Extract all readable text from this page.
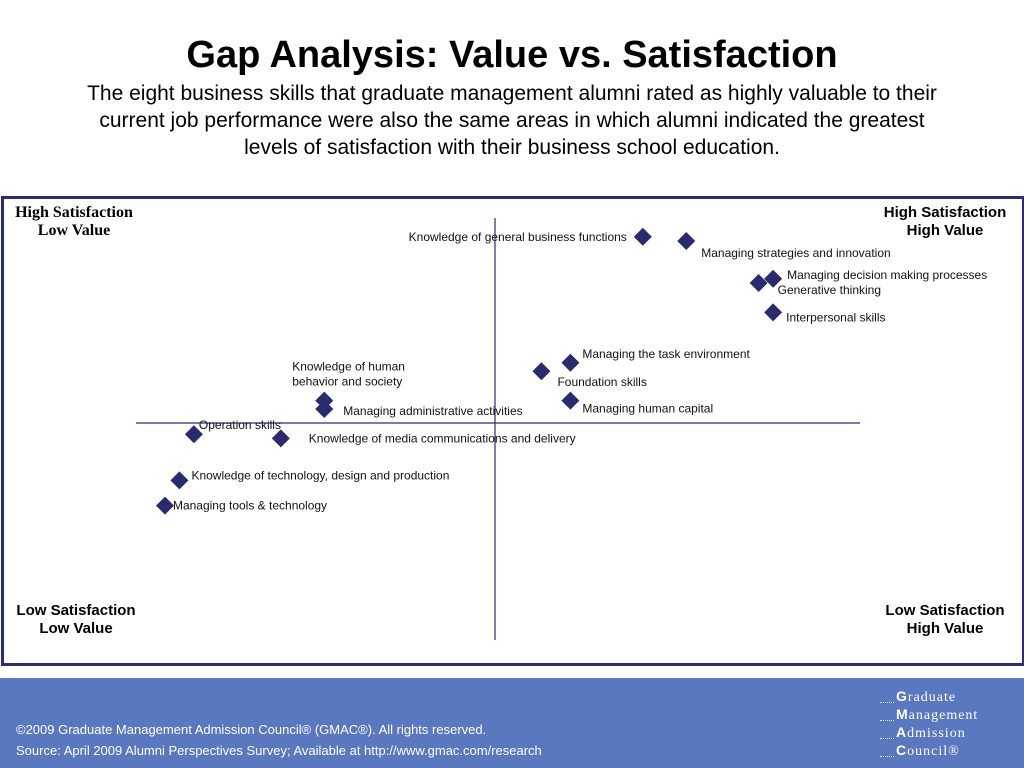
Gap Analysis: Value vs. Satisfaction
The eight business skills that graduate management alumni rated as highly valuable to their
current job performance were also the same areas in which alumni indicated the greatest
levels of satisfaction with their business school education.
Knowledge of general business functions
Managing strategies and innovation
Managing decision making processes
Generative thinking
Interpersonal skills
Managing the task environment
Foundation skills
Knowledge of human behavior and society
Managing administrative activities	Managing human capital
Operation skills
Knowledge of media communications and delivery
Knowledge of technology, design and production
Managing tools & technology
High Satisfaction
Low Value
High Satisfaction
High Value
Low Satisfaction
Low Value
Low Satisfaction
High Value
©2009 Graduate Management Admission Council® (GMAC®). All rights reserved.
Source: April 2009 Alumni Perspectives Survey; Available at http://www.gmac.com/research
Graduate
Management
Admission
Council®
